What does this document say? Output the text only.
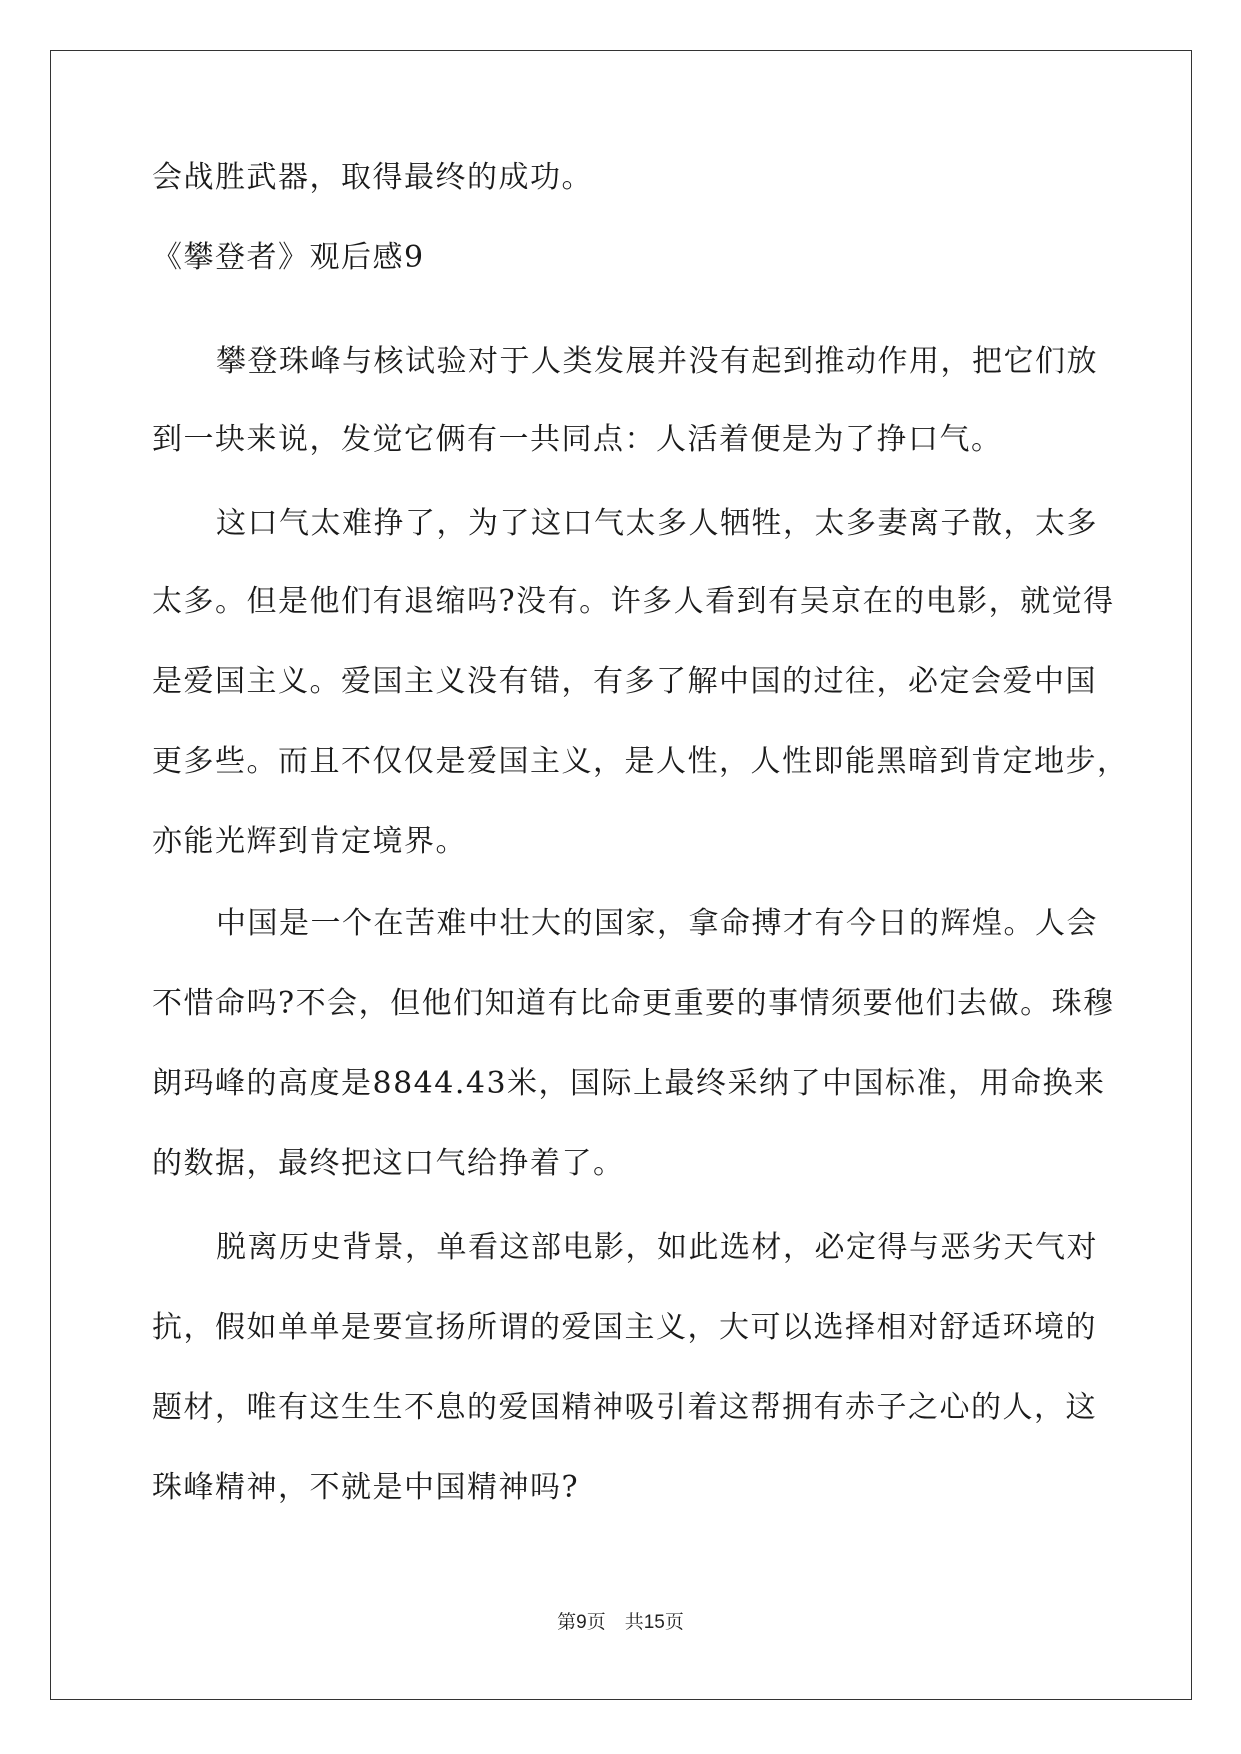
会战胜武器，取得最终的成功。
《攀登者》观后感9
攀登珠峰与核试验对于人类发展并没有起到推动作用，把它们放
到一块来说，发觉它俩有一共同点：人活着便是为了挣口气。
这口气太难挣了，为了这口气太多人牺牲，太多妻离子散，太多
太多。但是他们有退缩吗?没有。许多人看到有吴京在的电影，就觉得
是爱国主义。爱国主义没有错，有多了解中国的过往，必定会爱中国
更多些。而且不仅仅是爱国主义，是人性，人性即能黑暗到肯定地步，
亦能光辉到肯定境界。
中国是一个在苦难中壮大的国家，拿命搏才有今日的辉煌。人会
不惜命吗?不会，但他们知道有比命更重要的事情须要他们去做。珠穆
朗玛峰的高度是8844.43米，国际上最终采纳了中国标准，用命换来
的数据，最终把这口气给挣着了。
脱离历史背景，单看这部电影，如此选材，必定得与恶劣天气对
抗，假如单单是要宣扬所谓的爱国主义，大可以选择相对舒适环境的
题材，唯有这生生不息的爱国精神吸引着这帮拥有赤子之心的人，这
珠峰精神，不就是中国精神吗?
第9页　共15页
